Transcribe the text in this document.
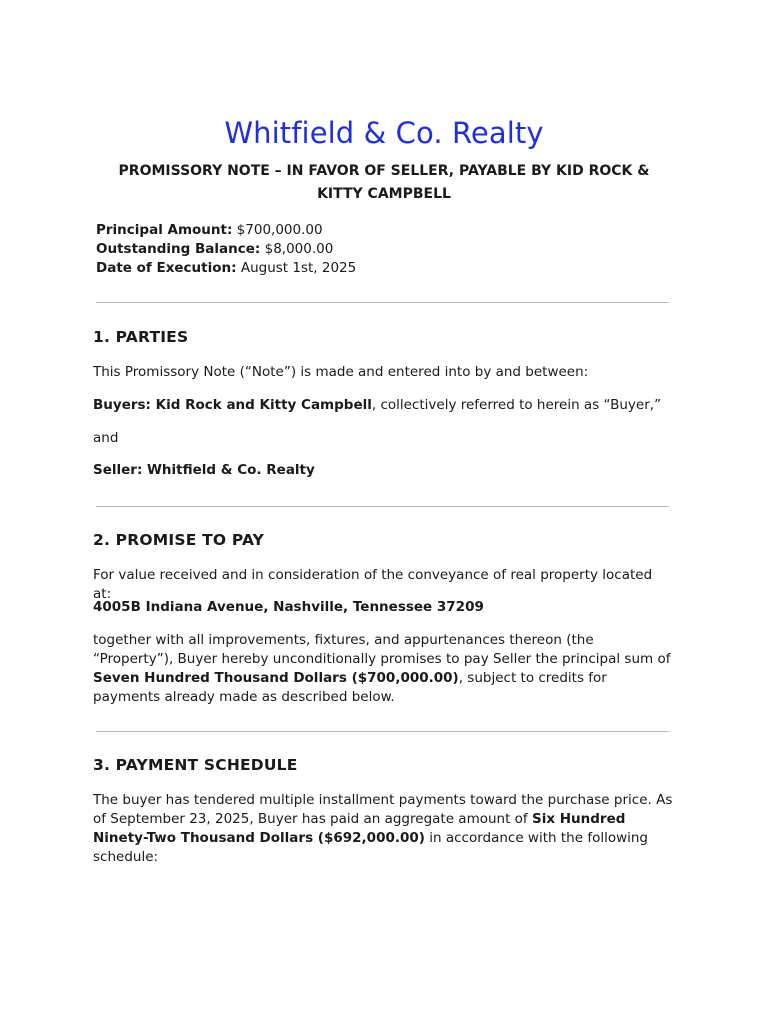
Whitfield & Co. Realty
PROMISSORY NOTE – IN FAVOR OF SELLER, PAYABLE BY KID ROCK & KITTY CAMPBELL
Principal Amount: $700,000.00
Outstanding Balance: $8,000.00
Date of Execution: August 1st, 2025
1. PARTIES
This Promissory Note (“Note”) is made and entered into by and between:
Buyers: Kid Rock and Kitty Campbell, collectively referred to herein as “Buyer,”
and
Seller: Whitfield & Co. Realty
2. PROMISE TO PAY
For value received and in consideration of the conveyance of real property located at:
4005B Indiana Avenue, Nashville, Tennessee 37209
together with all improvements, fixtures, and appurtenances thereon (the “Property”), Buyer hereby unconditionally promises to pay Seller the principal sum of Seven Hundred Thousand Dollars ($700,000.00), subject to credits for payments already made as described below.
3. PAYMENT SCHEDULE
The buyer has tendered multiple installment payments toward the purchase price. As of September 23, 2025, Buyer has paid an aggregate amount of Six Hundred Ninety-Two Thousand Dollars ($692,000.00) in accordance with the following schedule:
